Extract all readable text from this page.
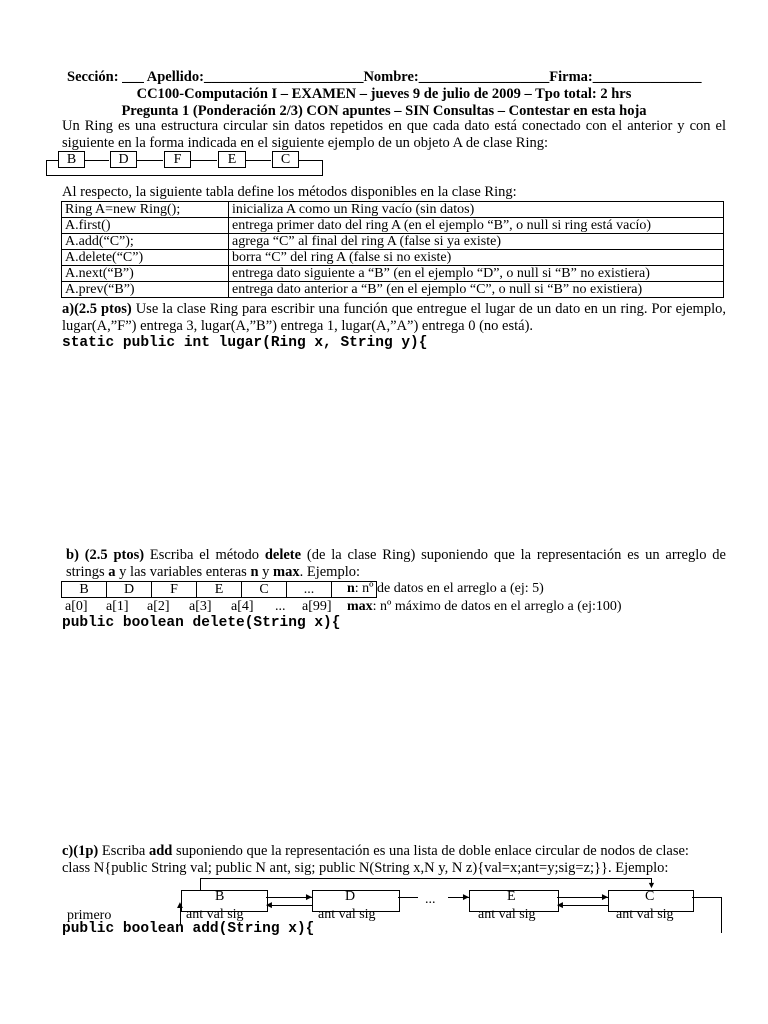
Sección: ___ Apellido:______________________Nombre:__________________Firma:_______________
CC100-Computación I – EXAMEN – jueves 9 de julio de 2009 – Tpo total: 2 hrs
Pregunta 1 (Ponderación 2/3) CON apuntes – SIN Consultas – Contestar en esta hoja
Un Ring es una estructura circular sin datos repetidos en que cada dato está conectado con el anterior y con el siguiente en la forma indicada en el siguiente ejemplo de un objeto A de clase Ring:
B	D	F	E	C
Al respecto, la siguiente tabla define los métodos disponibles en la clase Ring:
Ring A=new Ring();	inicializa A como un Ring vacío (sin datos)
A.first()	entrega primer dato del ring A (en el ejemplo “B”, o null si ring está vacío)
A.add(“C”);	agrega “C” al final del ring A (false si ya existe)
A.delete(“C”)	borra “C” del ring A (false si no existe)
A.next(“B”)	entrega dato siguiente a “B” (en el ejemplo “D”, o null si “B” no existiera)
A.prev(“B”)	entrega dato anterior a “B” (en el ejemplo “C”, o null si “B” no existiera)
a)(2.5 ptos) Use la clase Ring para escribir una función que entregue el lugar de un dato en un ring. Por ejemplo, lugar(A,”F”) entrega 3, lugar(A,”B”) entrega 1, lugar(A,”A”) entrega 0 (no está).
static public int lugar(Ring x, String y){
b) (2.5 ptos) Escriba el método delete (de la clase Ring) suponiendo que la representación es un arreglo de strings a y las variables enteras n y max. Ejemplo:
B	D	F	E	C	...	n: nº de datos en el arreglo a (ej: 5)
a[0] a[1] a[2] a[3] a[4] ... a[99] max: nº máximo de datos en el arreglo a (ej:100)
public boolean delete(String x){
c)(1p) Escriba add suponiendo que la representación es una lista de doble enlace circular de nodos de clase:
class N{public String val; public N ant, sig; public N(String x,N y, N z){val=x;ant=y;sig=z;}}. Ejemplo:
▼
B	D	...	E	C
ant val sig	ant val sig	ant val sig	ant val sig
►
◄
►	►
◄
primero
▲
public boolean add(String x){
